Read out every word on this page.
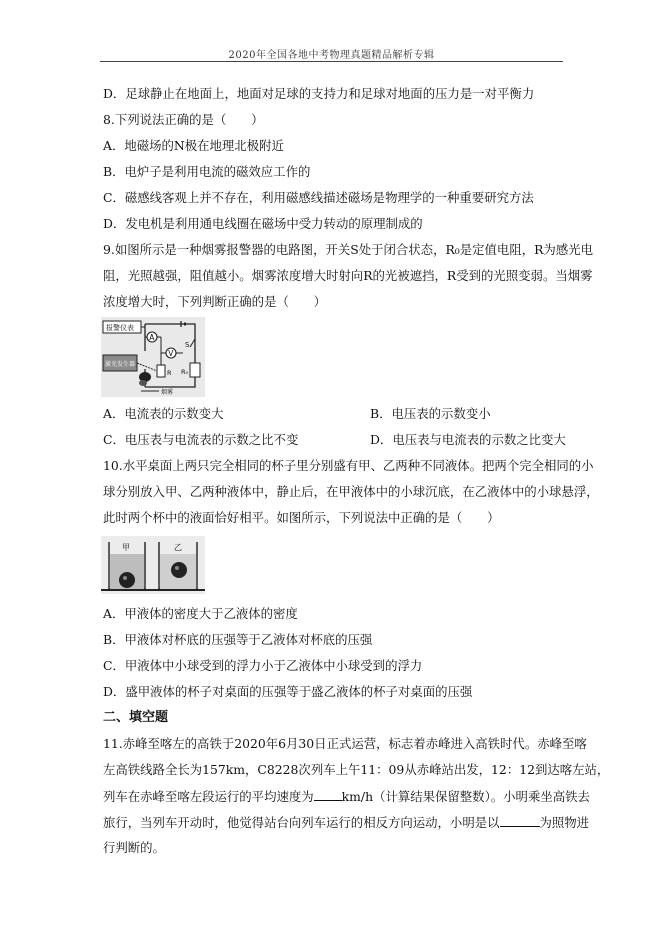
2020年全国各地中考物理真题精品解析专辑
D．足球静止在地面上，地面对足球的支持力和足球对地面的压力是一对平衡力
8.下列说法正确的是（　　）
A．地磁场的N极在地理北极附近
B．电炉子是利用电流的磁效应工作的
C．磁感线客观上并不存在，利用磁感线描述磁场是物理学的一种重要研究方法
D．发电机是利用通电线圈在磁场中受力转动的原理制成的
9.如图所示是一种烟雾报警器的电路图，开关S处于闭合状态，R₀是定值电阻，R为感光电
阻，光照越强，阻值越小。烟雾浓度增大时射向R的光被遮挡，R受到的光照变弱。当烟雾
浓度增大时，下列判断正确的是（　　）
报警仪表
A
V
S
R₀
R
激光发生器
烟雾
A．电流表的示数变大	B．电压表的示数变小
C．电压表与电流表的示数之比不变	D．电压表与电流表的示数之比变大
10.水平桌面上两只完全相同的杯子里分别盛有甲、乙两种不同液体。把两个完全相同的小
球分别放入甲、乙两种液体中，静止后，在甲液体中的小球沉底，在乙液体中的小球悬浮，
此时两个杯中的液面恰好相平。如图所示，下列说法中正确的是（　　）
甲	乙
A．甲液体的密度大于乙液体的密度
B．甲液体对杯底的压强等于乙液体对杯底的压强
C．甲液体中小球受到的浮力小于乙液体中小球受到的浮力
D．盛甲液体的杯子对桌面的压强等于盛乙液体的杯子对桌面的压强
二、填空题
11.赤峰至喀左的高铁于2020年6月30日正式运营，标志着赤峰进入高铁时代。赤峰至喀
左高铁线路全长为157km，C8228次列车上午11：09从赤峰站出发，12：12到达喀左站，
列车在赤峰至喀左段运行的平均速度为 km/h（计算结果保留整数）。小明乘坐高铁去
旅行，当列车开动时，他觉得站台向列车运行的相反方向运动，小明是以	为照物进
行判断的。
